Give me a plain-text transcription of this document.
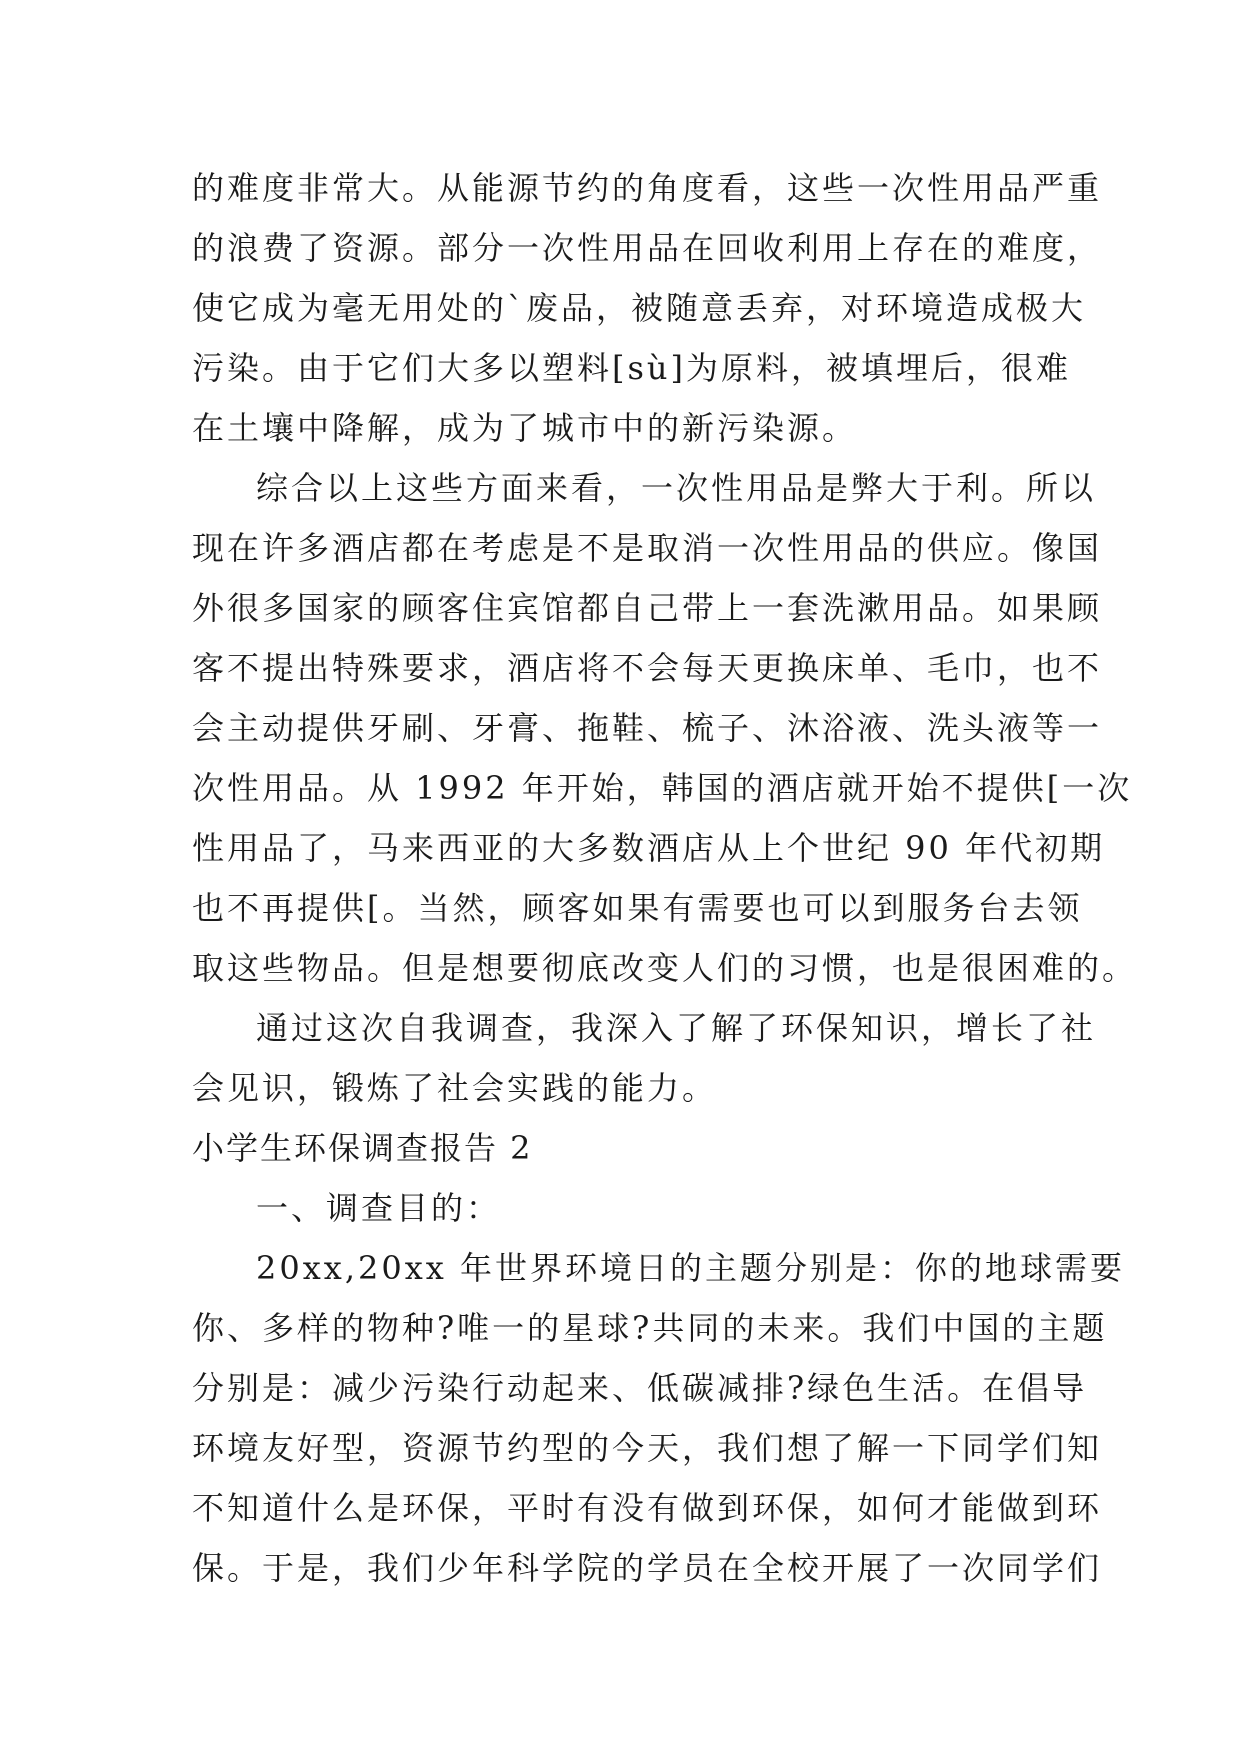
的难度非常大。从能源节约的角度看，这些一次性用品严重
的浪费了资源。部分一次性用品在回收利用上存在的难度，
使它成为毫无用处的`废品，被随意丢弃，对环境造成极大
污染。由于它们大多以塑料[sù]为原料，被填埋后，很难
在土壤中降解，成为了城市中的新污染源。
综合以上这些方面来看，一次性用品是弊大于利。所以
现在许多酒店都在考虑是不是取消一次性用品的供应。像国
外很多国家的顾客住宾馆都自己带上一套洗漱用品。如果顾
客不提出特殊要求，酒店将不会每天更换床单、毛巾，也不
会主动提供牙刷、牙膏、拖鞋、梳子、沐浴液、洗头液等一
次性用品。从 1992 年开始，韩国的酒店就开始不提供[一次
性用品了，马来西亚的大多数酒店从上个世纪 90 年代初期
也不再提供[。当然，顾客如果有需要也可以到服务台去领
取这些物品。但是想要彻底改变人们的习惯，也是很困难的。
通过这次自我调查，我深入了解了环保知识，增长了社
会见识，锻炼了社会实践的能力。
小学生环保调查报告 2
一、调查目的：
20xx,20xx 年世界环境日的主题分别是：你的地球需要
你、多样的物种?唯一的星球?共同的未来。我们中国的主题
分别是：减少污染行动起来、低碳减排?绿色生活。在倡导
环境友好型，资源节约型的今天，我们想了解一下同学们知
不知道什么是环保，平时有没有做到环保，如何才能做到环
保。于是，我们少年科学院的学员在全校开展了一次同学们
